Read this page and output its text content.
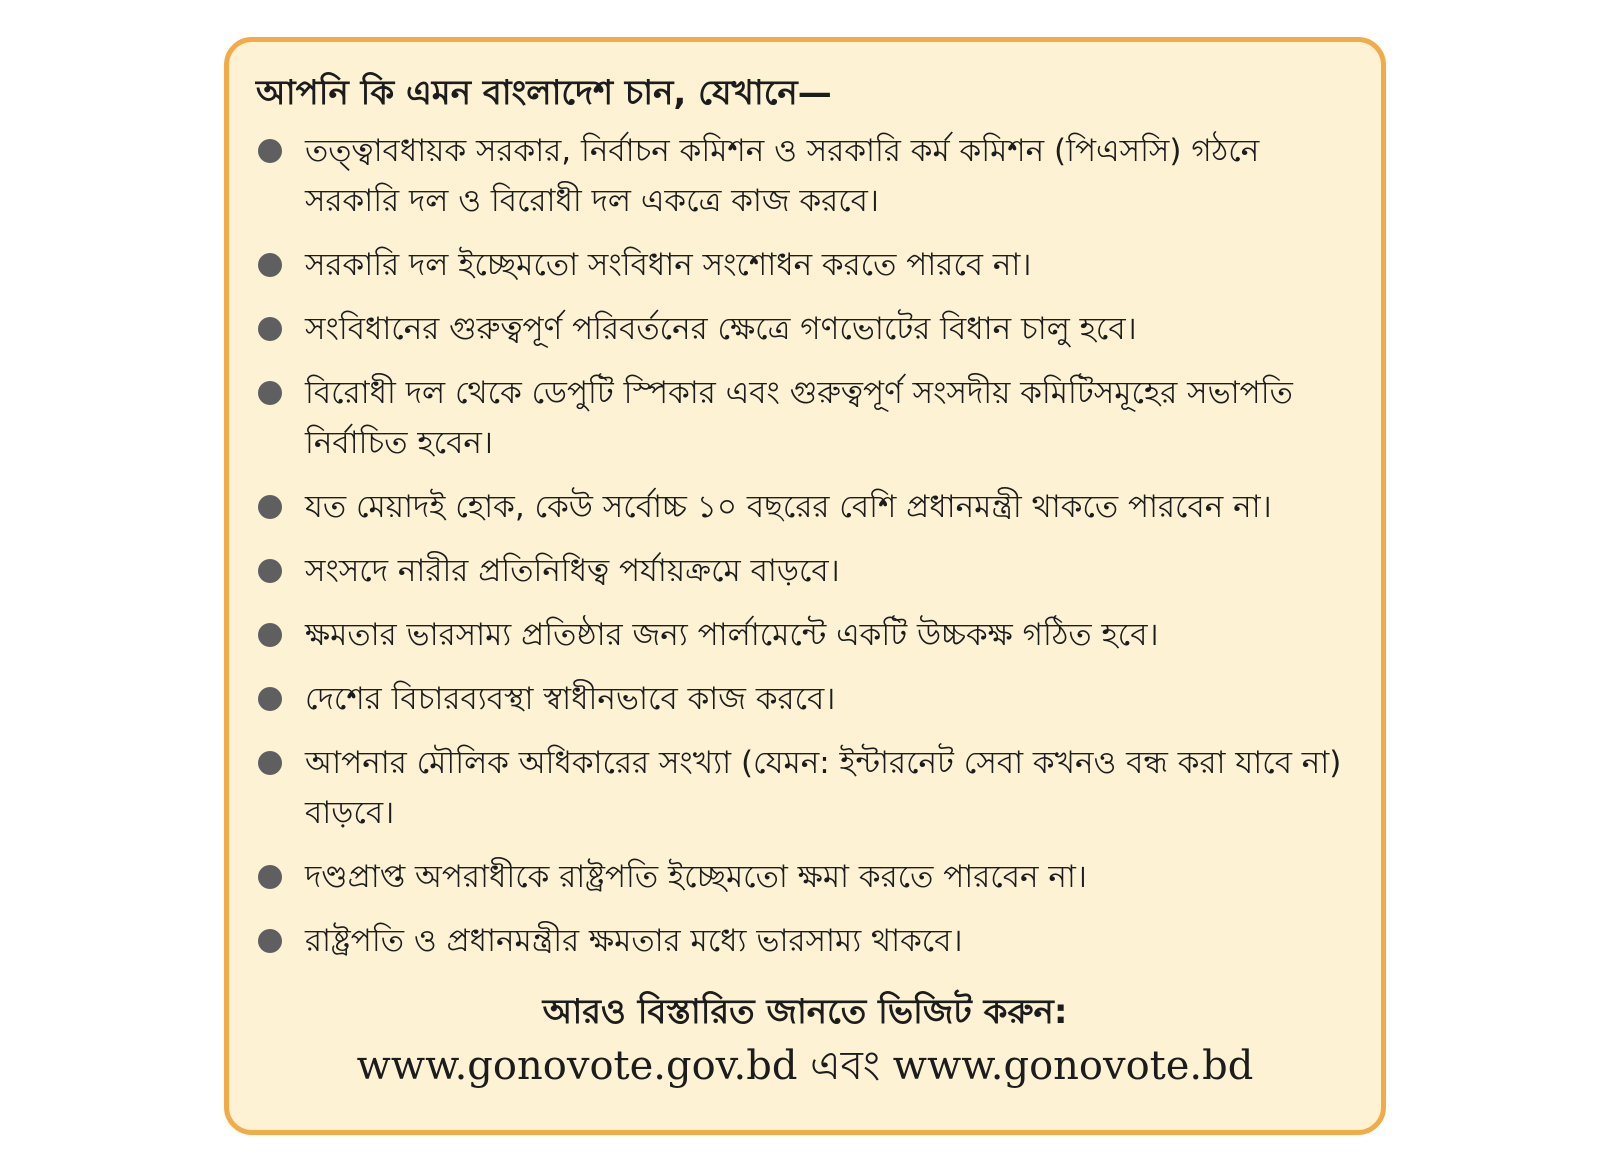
আপনি কি এমন বাংলাদেশ চান, যেখানে—
তত্ত্বাবধায়ক সরকার, নির্বাচন কমিশন ও সরকারি কর্ম কমিশন (পিএসসি) গঠনে সরকারি দল ও বিরোধী দল একত্রে কাজ করবে।
সরকারি দল ইচ্ছেমতো সংবিধান সংশোধন করতে পারবে না।
সংবিধানের গুরুত্বপূর্ণ পরিবর্তনের ক্ষেত্রে গণভোটের বিধান চালু হবে।
বিরোধী দল থেকে ডেপুটি স্পিকার এবং গুরুত্বপূর্ণ সংসদীয় কমিটিসমূহের সভাপতি নির্বাচিত হবেন।
যত মেয়াদই হোক, কেউ সর্বোচ্চ ১০ বছরের বেশি প্রধানমন্ত্রী থাকতে পারবেন না।
সংসদে নারীর প্রতিনিধিত্ব পর্যায়ক্রমে বাড়বে।
ক্ষমতার ভারসাম্য প্রতিষ্ঠার জন্য পার্লামেন্টে একটি উচ্চকক্ষ গঠিত হবে।
দেশের বিচারব্যবস্থা স্বাধীনভাবে কাজ করবে।
আপনার মৌলিক অধিকারের সংখ্যা (যেমন: ইন্টারনেট সেবা কখনও বন্ধ করা যাবে না) বাড়বে।
দণ্ডপ্রাপ্ত অপরাধীকে রাষ্ট্রপতি ইচ্ছেমতো ক্ষমা করতে পারবেন না।
রাষ্ট্রপতি ও প্রধানমন্ত্রীর ক্ষমতার মধ্যে ভারসাম্য থাকবে।
আরও বিস্তারিত জানতে ভিজিট করুন:
www.gonovote.gov.bd এবং www.gonovote.bd
